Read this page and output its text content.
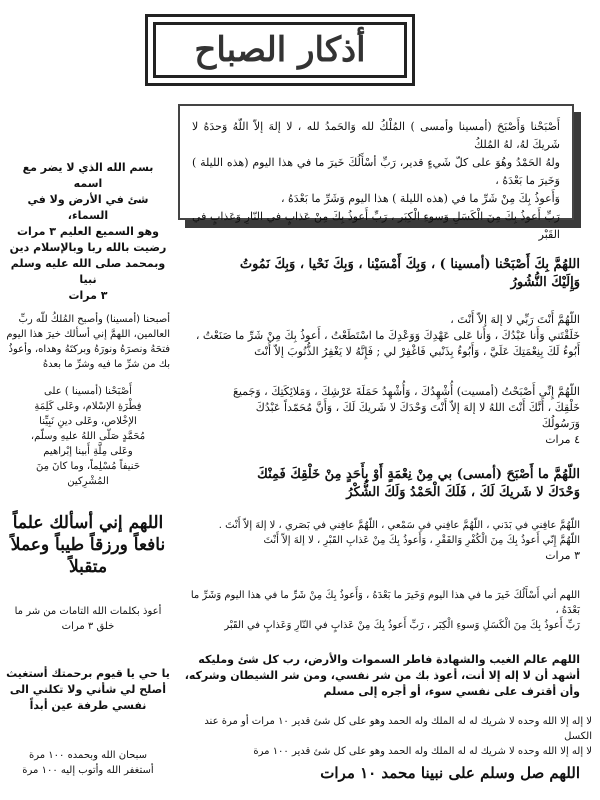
أذكار الصباح
أَصْبَحْنا وَأَصْبَحَ (أمسينا وأمسى ) المُلْكُ لله وَالحَمدُ لله ، لا إلهَ إلاّ اللّهُ وَحدَهُ لا شَريكَ لهُ، لهُ المُلكُ
ولهُ الحَمْدُ وهُوَ على كلّ شَيءٍ قدير، رَبِّ أسْأَلُكَ خَيرَ ما في هذا اليوم (هذه الليلة ) وَخَيرَ ما بَعْدَهُ ،
وَأَعوذُ بِكَ مِنْ شَرِّ ما في (هذه الليلة ) هذا اليوم وَشَرِّ ما بَعْدَهُ ،
رَبِّ أَعوذُ بِكَ مِنَ الْكَسَلِ وَسوءِ الْكِبَر ، رَبِّ أَعوذُ بِكَ مِنْ عَذابٍ في النّارِ وَعَذابٍ في القَبْر
بسم الله الذي لا يضر مع اسمه
شئ في الأرض ولا في السماء،
وهو السميع العليم ٣ مرات
رضيت بالله ربا وبالإسلام دين
وبمحمد صلى الله عليه وسلم نبيا
٣ مرات
أصبحنا (أمسينا) وأصبح المُلكُ للّه ربِّ
العالمين، اللهمَّ إني أسألك خيرَ هذا اليوم
فتحَهُ ونصرَهُ ونورَهُ وبركتَهُ وهداه، وأعوذُ
بك من شرِّ ما فيه وشرِّ ما بعدهُ
أَصْبَحْنا (أمسينا ) على
فِطْرَةِ الإسْلام، وعَلى كَلِمَةِ
الإخْلاص، وعَلى دينِ نَبِيِّنا
مُحَمَّدٍ صَلّى اللهُ عليهِ وسلّم،
وعَلى مِلَّةِ أَبينا إبْراهيم
حَنيفاً مُسْلِماً، وما كانَ مِنَ
المُشْرِكين
اللهم إني أسألك علماً
نافعاً ورزقاً طيباً وعملاً
متقبلاً
أعوذ بكلمات الله التامات من شر ما
خلق ٣ مرات
يا حي يا قيوم برحمتك أستغيث
أصلح لي شأني ولا تكلني الى
نفسي طرفة عين أبداً
سبحان الله وبحمده ١٠٠ مرة
أستغفر الله وأتوب إليه ١٠٠ مرة
اللهُمَّ بِكَ أَصْبَحْنا (أمسينا ) ، وَبِكَ أَمْسَيْنا ، وَبِكَ نَحْيا ، وَبِكَ نَمُوتُ
وَإِلَيْكَ النُّشُورُ
اللّهُمَّ أَنْتَ رَبِّي لا إلهَ إلاّ أَنْتَ ،
خَلَقْتَني وَأَنا عَبْدُكَ ، وَأَنا عَلى عَهْدِكَ وَوَعْدِكَ ما اسْتَطَعْتُ ، أَعوذُ بِكَ مِنْ شَرِّ ما صَنَعْتُ ،
أَبُوءُ لَكَ بِنِعْمَتِكَ عَلَيَّ ، وَأَبُوءُ بِذَنْبي فَاغْفِرْ لي ; فَإِنَّهُ لا يَغْفِرُ الذُّنُوبَ إلاّ أَنْتَ
اللّهُمَّ إِنِّي أَصْبَحْتُ (أمسيت) أُشْهِدُكَ ، وَأُشْهِدُ حَمَلَةَ عَرْشِكَ ، وَمَلائِكَتِكَ ، وَجَميعَ
خَلْقِكَ ، أَنَّكَ أَنْتَ اللهُ لا إلهَ إلاّ أَنْتَ وَحْدَكَ لا شَريكَ لَكَ ، وَأَنَّ مُحَمّداً عَبْدُكَ
وَرَسُولُكَ
٤ مرات
اللّهُمَّ ما أَصْبَحَ (أمسى) بي مِنْ نِعْمَةٍ أَوْ بِأَحَدٍ مِنْ خَلْقِكَ فَمِنْكَ
وَحْدَكَ لا شَريكَ لَكَ ، فَلَكَ الْحَمْدُ وَلَكَ الشُّكْرُ
اللّهُمَّ عافِني في بَدَني ، اللّهُمَّ عافِني في سَمْعي ، اللّهُمَّ عافِني في بَصَري ، لا إلهَ إلاّ أَنْتَ .
اللّهُمَّ إِنّي أَعوذُ بِكَ مِنَ الْكُفْرِ وَالفَقْرِ ، وَأَعوذُ بِكَ مِنْ عَذابِ القَبْرِ ، لا إلهَ إلاّ أَنْتَ
٣ مرات
اللهم أني أَسْأَلُكَ خَيرَ ما في هذا اليوم وَخَيرَ ما بَعْدَهُ ، وَأَعوذُ بِكَ مِنْ شَرِّ ما في هذا اليوم وَشَرِّ ما بَعْدَهُ ،
رَبِّ أَعوذُ بِكَ مِنَ الْكَسَلِ وَسوءِ الْكِبَر ، رَبِّ أَعوذُ بِكَ مِنْ عَذابٍ في النّارِ وَعَذابٍ في القَبْر
اللهم عالم الغيب والشهادة فاطر السموات والأرض، رب كل شئ ومليكه
أشهد أن لا إله إلا أنت، أعوذ بك من شر نفسي، ومن شر الشيطان وشركه،
وأن أقترف على نفسي سوء، أو أجره إلى مسلم
لا إله إلا الله وحده لا شريك له له الملك وله الحمد وهو على كل شئ قدير ١٠ مرات أو مرة عند الكسل
لا إله إلا الله وحده لا شريك له له الملك وله الحمد وهو على كل شئ قدير ١٠٠ مرة
اللهم صل وسلم على نبينا محمد ١٠ مرات
